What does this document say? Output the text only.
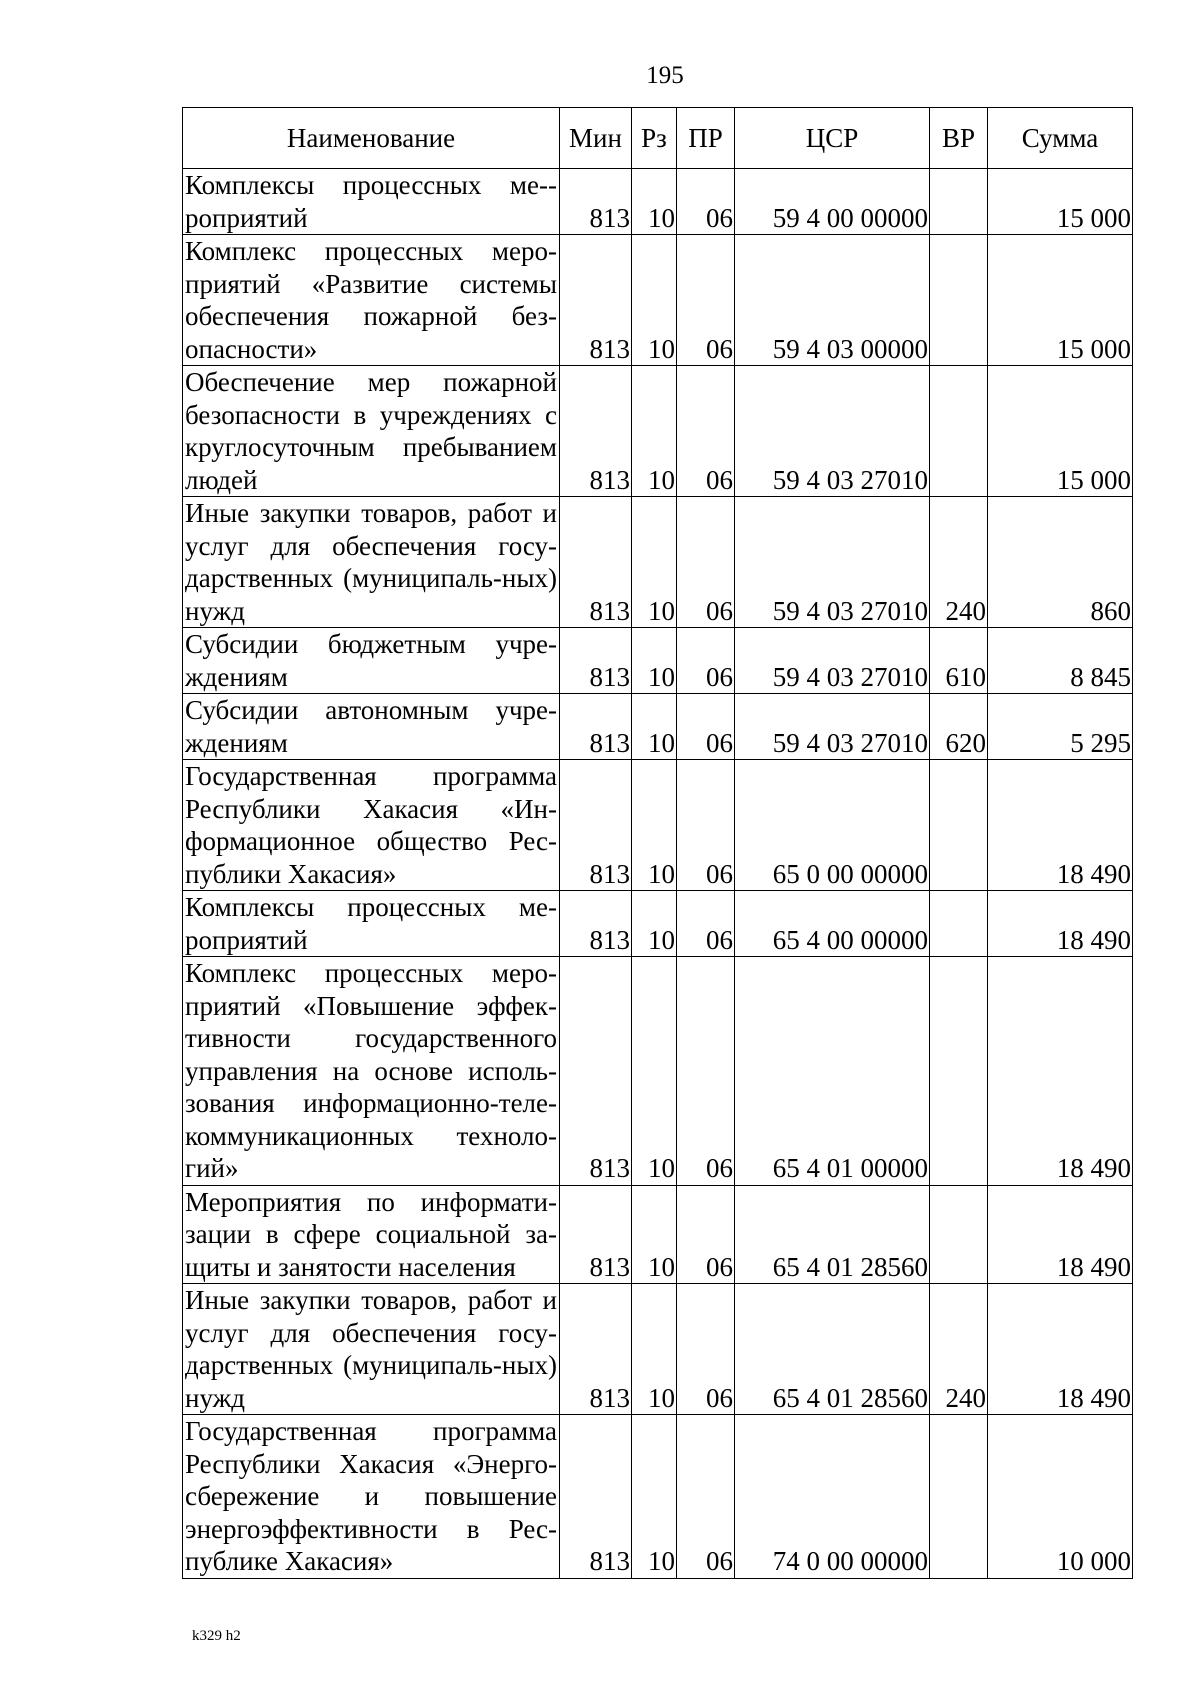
195
Наименование	Мин	Рз	ПР	ЦСР	ВР	Сумма
Комплексы процессных ме-роприятий	813	10	06	59 4 00 00000		15 000
Комплекс процессных меро-приятий «Развитие системы обеспечения пожарной без-опасности»	813	10	06	59 4 03 00000		15 000
Обеспечение мер пожарной безопасности в учреждениях с круглосуточным пребыванием людей	813	10	06	59 4 03 27010		15 000
Иные закупки товаров, работ и услуг для обеспечения госу-дарственных (муниципаль-ных) нужд	813	10	06	59 4 03 27010	240	860
Субсидии бюджетным учре-ждениям	813	10	06	59 4 03 27010	610	8 845
Субсидии автономным учре-ждениям	813	10	06	59 4 03 27010	620	5 295
Государственная программа Республики Хакасия «Ин-формационное общество Рес-публики Хакасия»	813	10	06	65 0 00 00000		18 490
Комплексы процессных ме-роприятий	813	10	06	65 4 00 00000		18 490
Комплекс процессных меро-приятий «Повышение эффек-тивности государственного управления на основе исполь-зования информационно-теле-коммуникационных техноло-гий»	813	10	06	65 4 01 00000		18 490
Мероприятия по информати-зации в сфере социальной за-щиты и занятости населения	813	10	06	65 4 01 28560		18 490
Иные закупки товаров, работ и услуг для обеспечения госу-дарственных (муниципаль-ных) нужд	813	10	06	65 4 01 28560	240	18 490
Государственная программа Республики Хакасия «Энерго-сбережение и повышение энергоэффективности в Рес-публике Хакасия»	813	10	06	74 0 00 00000		10 000
k329 h2
